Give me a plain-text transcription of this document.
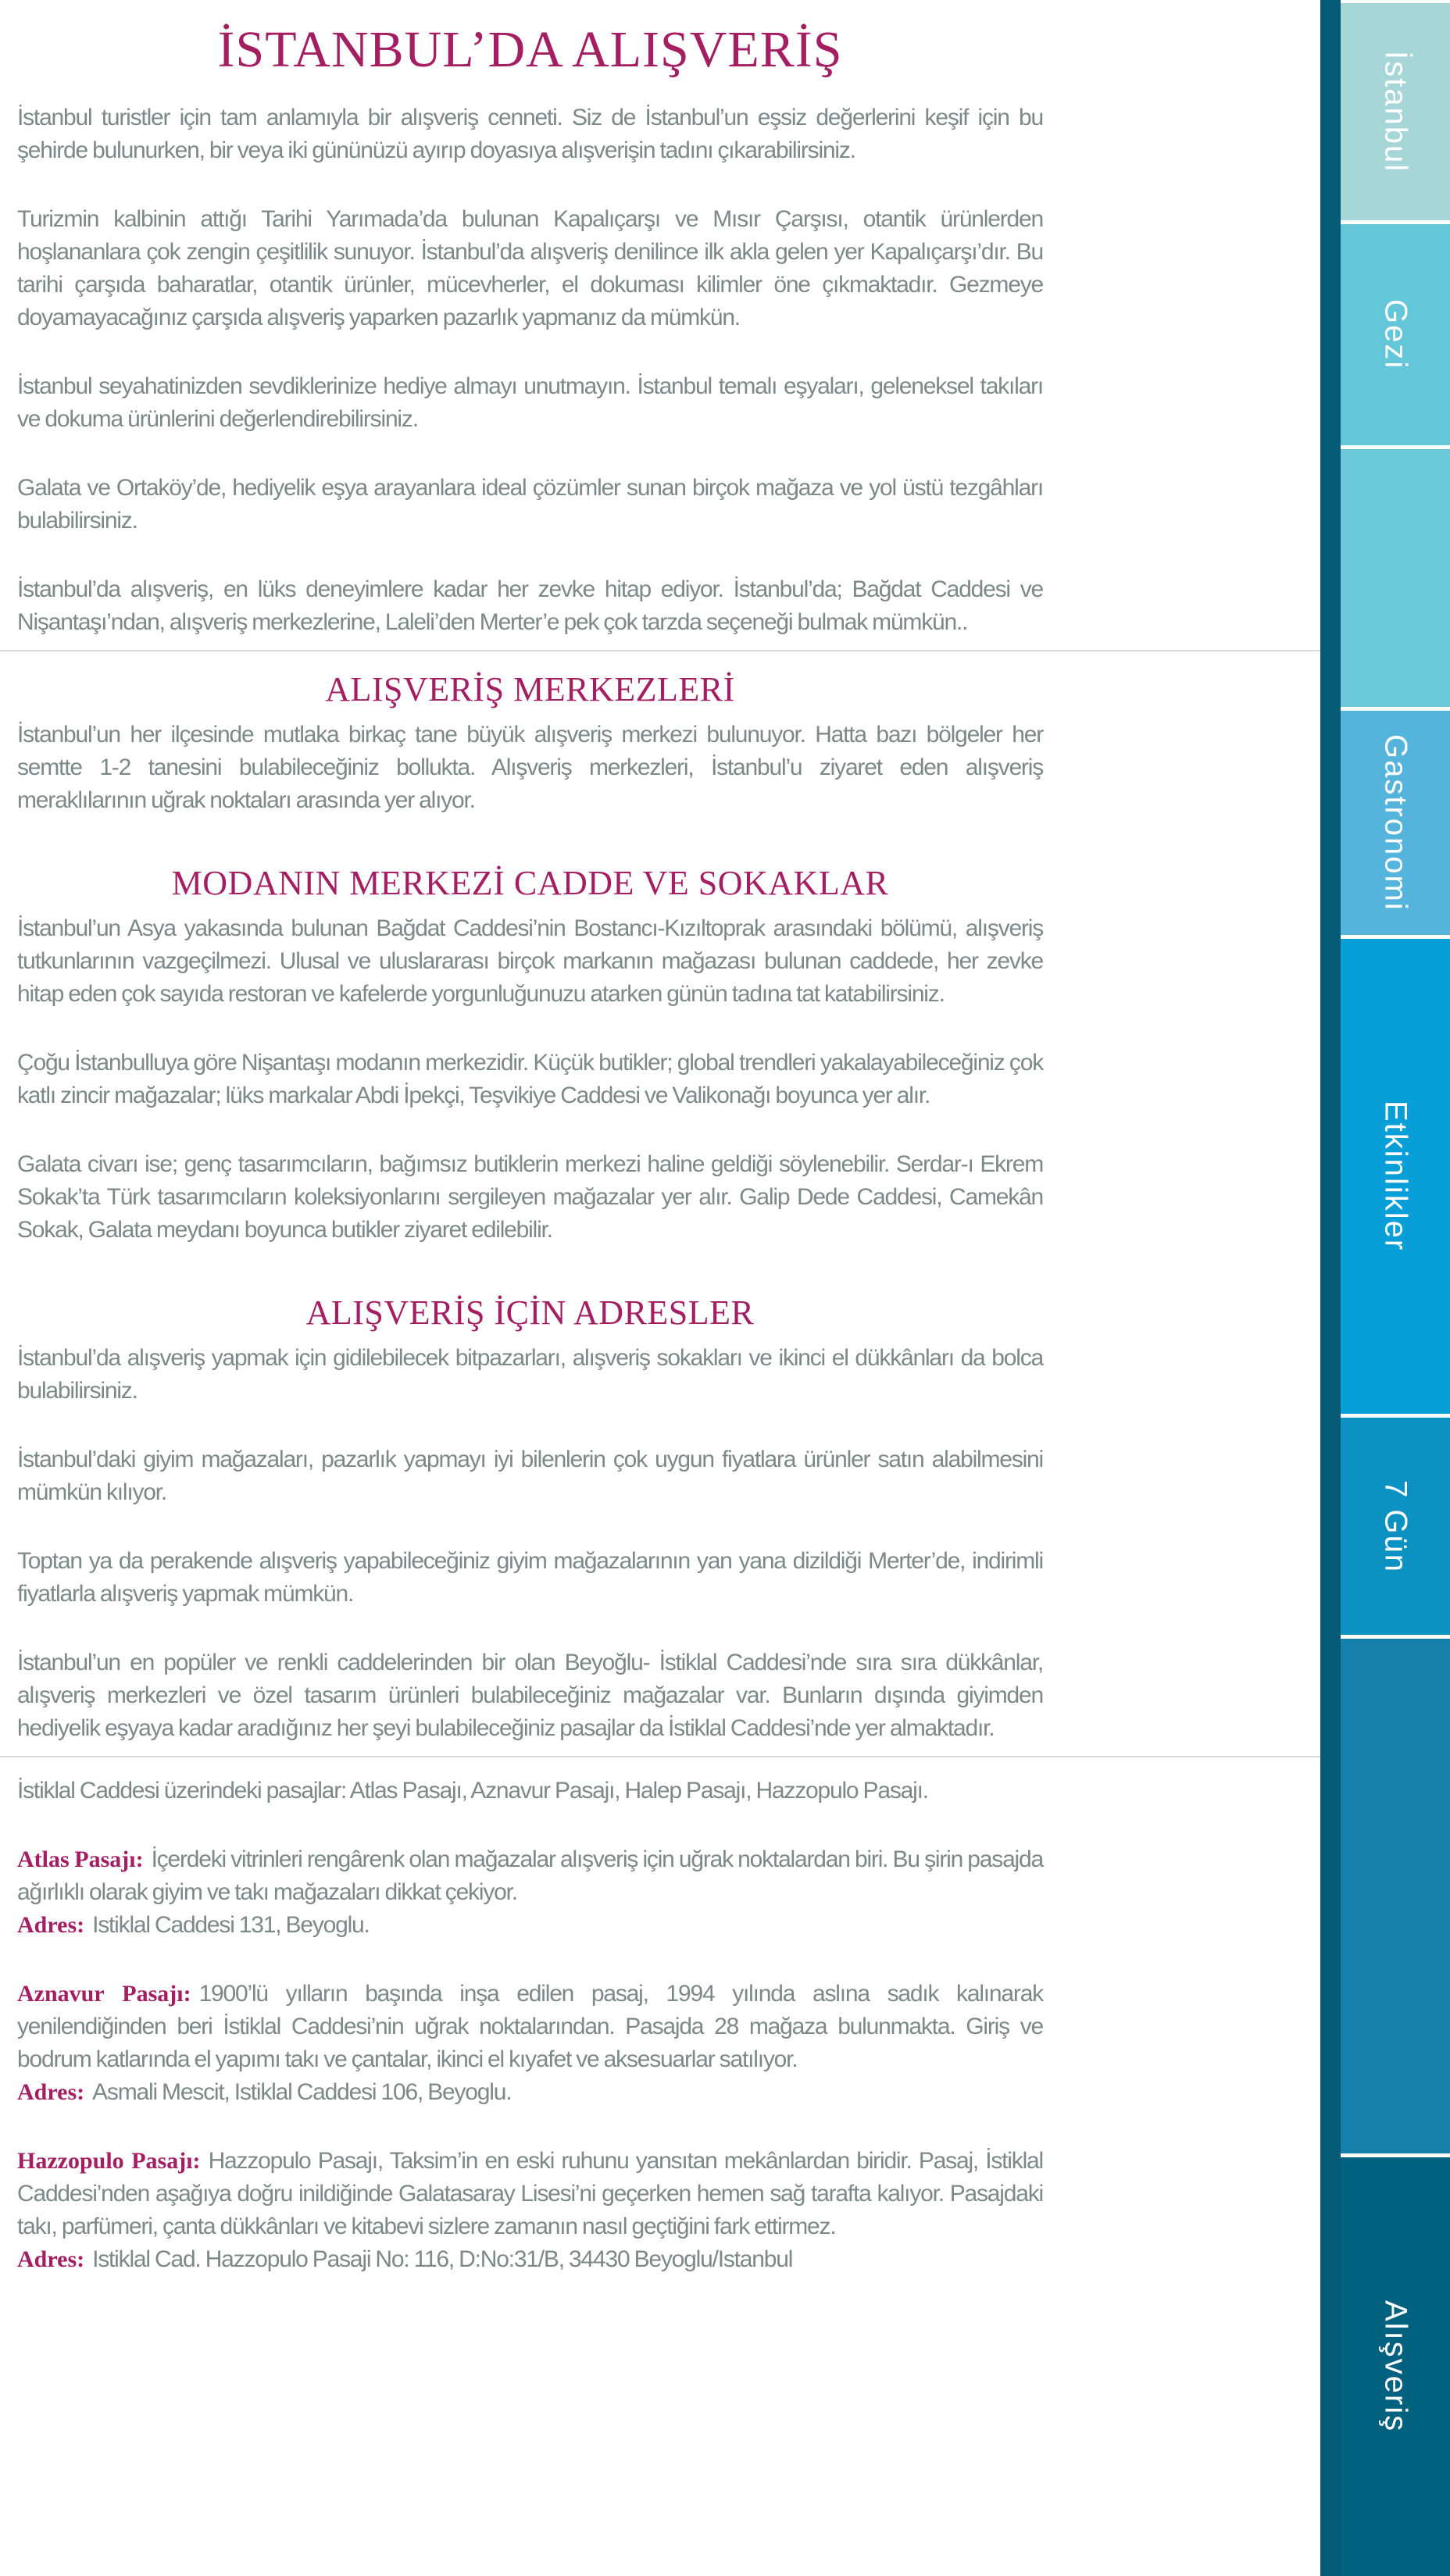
İSTANBUL’DA ALIŞVERİŞ

İstanbul turistler için tam anlamıyla bir alışveriş cenneti. Siz de İstanbul’un eşsiz değerlerini keşif için bu şehirde bulunurken, bir veya iki gününüzü ayırıp doyasıya alışverişin tadını çıkarabilirsiniz.

Turizmin kalbinin attığı Tarihi Yarımada’da bulunan Kapalıçarşı ve Mısır Çarşısı, otantik ürünlerden hoşlananlara çok zengin çeşitlilik sunuyor. İstanbul’da alışveriş denilince ilk akla gelen yer Kapalıçarşı’dır. Bu tarihi çarşıda baharatlar, otantik ürünler, mücevherler, el dokuması kilimler öne çıkmaktadır. Gezmeye doyamayacağınız çarşıda alışveriş yaparken pazarlık yapmanız da mümkün.

İstanbul seyahatinizden sevdiklerinize hediye almayı unutmayın. İstanbul temalı eşyaları, geleneksel takıları ve dokuma ürünlerini değerlendirebilirsiniz.

Galata ve Ortaköy’de, hediyelik eşya arayanlara ideal çözümler sunan birçok mağaza ve yol üstü tezgâhları bulabilirsiniz.

İstanbul’da alışveriş, en lüks deneyimlere kadar her zevke hitap ediyor. İstanbul’da; Bağdat Caddesi ve Nişantaşı’ndan, alışveriş merkezlerine, Laleli’den Merter’e pek çok tarzda seçeneği bulmak mümkün..

ALIŞVERİŞ MERKEZLERİ

İstanbul’un her ilçesinde mutlaka birkaç tane büyük alışveriş merkezi bulunuyor. Hatta bazı bölgeler her semtte 1-2 tanesini bulabileceğiniz bollukta. Alışveriş merkezleri, İstanbul’u ziyaret eden alışveriş meraklılarının uğrak noktaları arasında yer alıyor.

MODANIN MERKEZİ CADDE VE SOKAKLAR

İstanbul’un Asya yakasında bulunan Bağdat Caddesi’nin Bostancı-Kızıltoprak arasındaki bölümü, alışveriş tutkunlarının vazgeçilmezi. Ulusal ve uluslararası birçok markanın mağazası bulunan caddede, her zevke hitap eden çok sayıda restoran ve kafelerde yorgunluğunuzu atarken günün tadına tat katabilirsiniz.

Çoğu İstanbulluya göre Nişantaşı modanın merkezidir. Küçük butikler; global trendleri yakalayabileceğiniz çok katlı zincir mağazalar; lüks markalar Abdi İpekçi, Teşvikiye Caddesi ve Valikonağı boyunca yer alır.

Galata civarı ise; genç tasarımcıların, bağımsız butiklerin merkezi haline geldiği söylenebilir. Serdar-ı Ekrem Sokak’ta Türk tasarımcıların koleksiyonlarını sergileyen mağazalar yer alır. Galip Dede Caddesi, Camekân Sokak, Galata meydanı boyunca butikler ziyaret edilebilir.

ALIŞVERİŞ İÇİN ADRESLER

İstanbul’da alışveriş yapmak için gidilebilecek bitpazarları, alışveriş sokakları ve ikinci el dükkânları da bolca bulabilirsiniz.

İstanbul’daki giyim mağazaları, pazarlık yapmayı iyi bilenlerin çok uygun fiyatlara ürünler satın alabilmesini mümkün kılıyor.

Toptan ya da perakende alışveriş yapabileceğiniz giyim mağazalarının yan yana dizildiği Merter’de, indirimli fiyatlarla alışveriş yapmak mümkün.

İstanbul’un en popüler ve renkli caddelerinden bir olan Beyoğlu- İstiklal Caddesi’nde sıra sıra dükkânlar, alışveriş merkezleri ve özel tasarım ürünleri bulabileceğiniz mağazalar var. Bunların dışında giyimden hediyelik eşyaya kadar aradığınız her şeyi bulabileceğiniz pasajlar da İstiklal Caddesi’nde yer almaktadır.

İstiklal Caddesi üzerindeki pasajlar: Atlas Pasajı, Aznavur Pasajı, Halep Pasajı, Hazzopulo Pasajı.

Atlas Pasajı: İçerdeki vitrinleri rengârenk olan mağazalar alışveriş için uğrak noktalardan biri. Bu şirin pasajda ağırlıklı olarak giyim ve takı mağazaları dikkat çekiyor.

Adres: Istiklal Caddesi 131, Beyoglu.

Aznavur Pasajı: 1900’lü yılların başında inşa edilen pasaj, 1994 yılında aslına sadık kalınarak yenilendiğinden beri İstiklal Caddesi’nin uğrak noktalarından. Pasajda 28 mağaza bulunmakta. Giriş ve bodrum katlarında el yapımı takı ve çantalar, ikinci el kıyafet ve aksesuarlar satılıyor.

Adres: Asmali Mescit, Istiklal Caddesi 106, Beyoglu.

Hazzopulo Pasajı: Hazzopulo Pasajı, Taksim’in en eski ruhunu yansıtan mekânlardan biridir. Pasaj, İstiklal Caddesi’nden aşağıya doğru inildiğinde Galatasaray Lisesi’ni geçerken hemen sağ tarafta kalıyor. Pasajdaki takı, parfümeri, çanta dükkânları ve kitabevi sizlere zamanın nasıl geçtiğini fark ettirmez.

Adres: Istiklal Cad. Hazzopulo Pasaji No: 116, D:No:31/B, 34430 Beyoglu/Istanbul

İstanbul
Gezi
Gastronomi
Etkinlikler
7 Gün
Alışveriş
